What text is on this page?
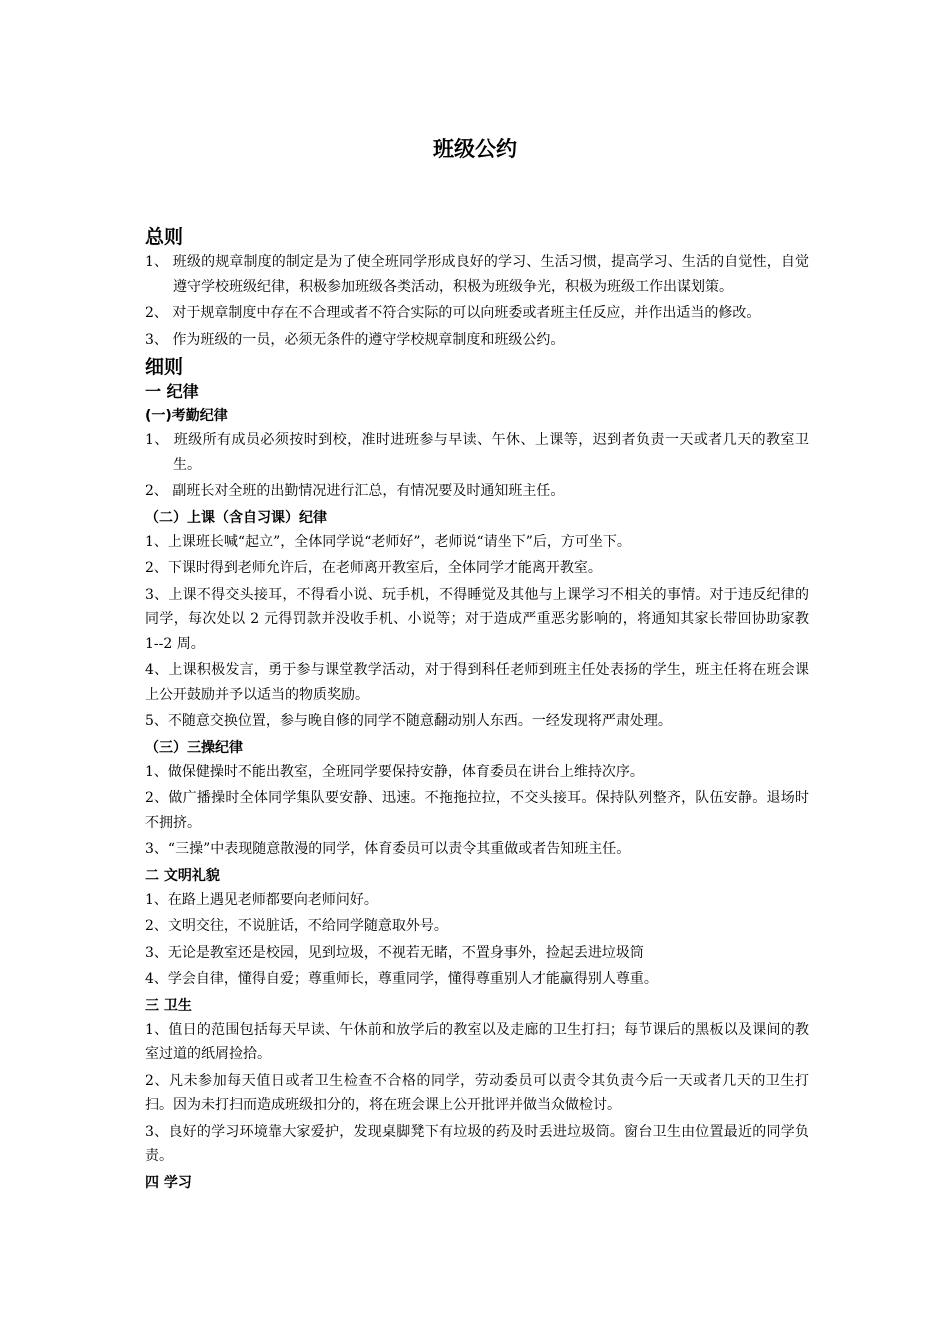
班级公约
总则
1、 班级的规章制度的制定是为了使全班同学形成良好的学习、生活习惯，提高学习、生活的自觉性，自觉遵守学校班级纪律，积极参加班级各类活动，积极为班级争光，积极为班级工作出谋划策。
2、 对于规章制度中存在不合理或者不符合实际的可以向班委或者班主任反应，并作出适当的修改。
3、 作为班级的一员，必须无条件的遵守学校规章制度和班级公约。
细则
一 纪律
(一)考勤纪律
1、 班级所有成员必须按时到校，准时进班参与早读、午休、上课等，迟到者负责一天或者几天的教室卫生。
2、 副班长对全班的出勤情况进行汇总，有情况要及时通知班主任。
（二）上课（含自习课）纪律
1、上课班长喊“起立”，全体同学说“老师好”，老师说“请坐下”后，方可坐下。
2、下课时得到老师允许后，在老师离开教室后，全体同学才能离开教室。
3、上课不得交头接耳，不得看小说、玩手机，不得睡觉及其他与上课学习不相关的事情。对于违反纪律的同学，每次处以 2 元得罚款并没收手机、小说等；对于造成严重恶劣影响的，将通知其家长带回协助家教 1--2 周。
4、上课积极发言，勇于参与课堂教学活动，对于得到科任老师到班主任处表扬的学生，班主任将在班会课上公开鼓励并予以适当的物质奖励。
5、不随意交换位置，参与晚自修的同学不随意翻动别人东西。一经发现将严肃处理。
（三）三操纪律
1、做保健操时不能出教室，全班同学要保持安静，体育委员在讲台上维持次序。
2、做广播操时全体同学集队要安静、迅速。不拖拖拉拉，不交头接耳。保持队列整齐，队伍安静。退场时不拥挤。
3、“三操”中表现随意散漫的同学，体育委员可以责令其重做或者告知班主任。
二 文明礼貌
1、在路上遇见老师都要向老师问好。
2、文明交往，不说脏话，不给同学随意取外号。
3、无论是教室还是校园，见到垃圾，不视若无睹，不置身事外，捡起丢进垃圾筒
4、学会自律，懂得自爱；尊重师长，尊重同学，懂得尊重别人才能赢得别人尊重。
三 卫生
1、值日的范围包括每天早读、午休前和放学后的教室以及走廊的卫生打扫；每节课后的黑板以及课间的教室过道的纸屑捡拾。
2、凡未参加每天值日或者卫生检查不合格的同学，劳动委员可以责令其负责今后一天或者几天的卫生打扫。因为未打扫而造成班级扣分的，将在班会课上公开批评并做当众做检讨。
3、良好的学习环境靠大家爱护，发现桌脚凳下有垃圾的药及时丢进垃圾筒。窗台卫生由位置最近的同学负责。
四 学习
